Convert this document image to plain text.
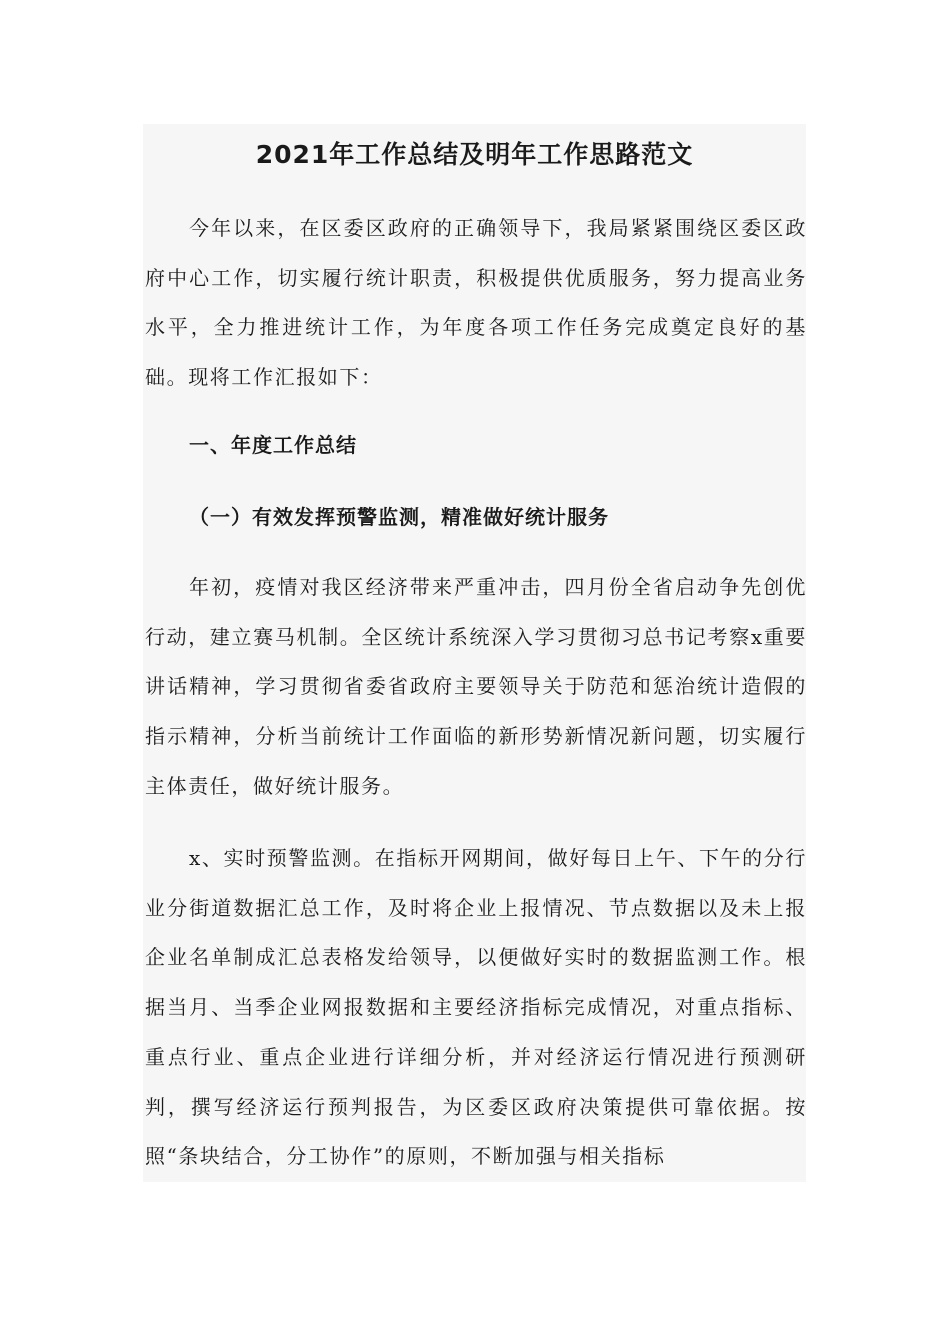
2021年工作总结及明年工作思路范文

今年以来，在区委区政府的正确领导下，我局紧紧围绕区委区政府中心工作，切实履行统计职责，积极提供优质服务，努力提高业务水平，全力推进统计工作，为年度各项工作任务完成奠定良好的基础。现将工作汇报如下：

一、年度工作总结
（一）有效发挥预警监测，精准做好统计服务

年初，疫情对我区经济带来严重冲击，四月份全省启动争先创优行动，建立赛马机制。全区统计系统深入学习贯彻习总书记考察x重要讲话精神，学习贯彻省委省政府主要领导关于防范和惩治统计造假的指示精神，分析当前统计工作面临的新形势新情况新问题，切实履行主体责任，做好统计服务。

x、实时预警监测。在指标开网期间，做好每日上午、下午的分行业分街道数据汇总工作，及时将企业上报情况、节点数据以及未上报企业名单制成汇总表格发给领导，以便做好实时的数据监测工作。根据当月、当季企业网报数据和主要经济指标完成情况，对重点指标、重点行业、重点企业进行详细分析，并对经济运行情况进行预测研判，撰写经济运行预判报告，为区委区政府决策提供可靠依据。按照“条块结合，分工协作”的原则，不断加强与相关指标
